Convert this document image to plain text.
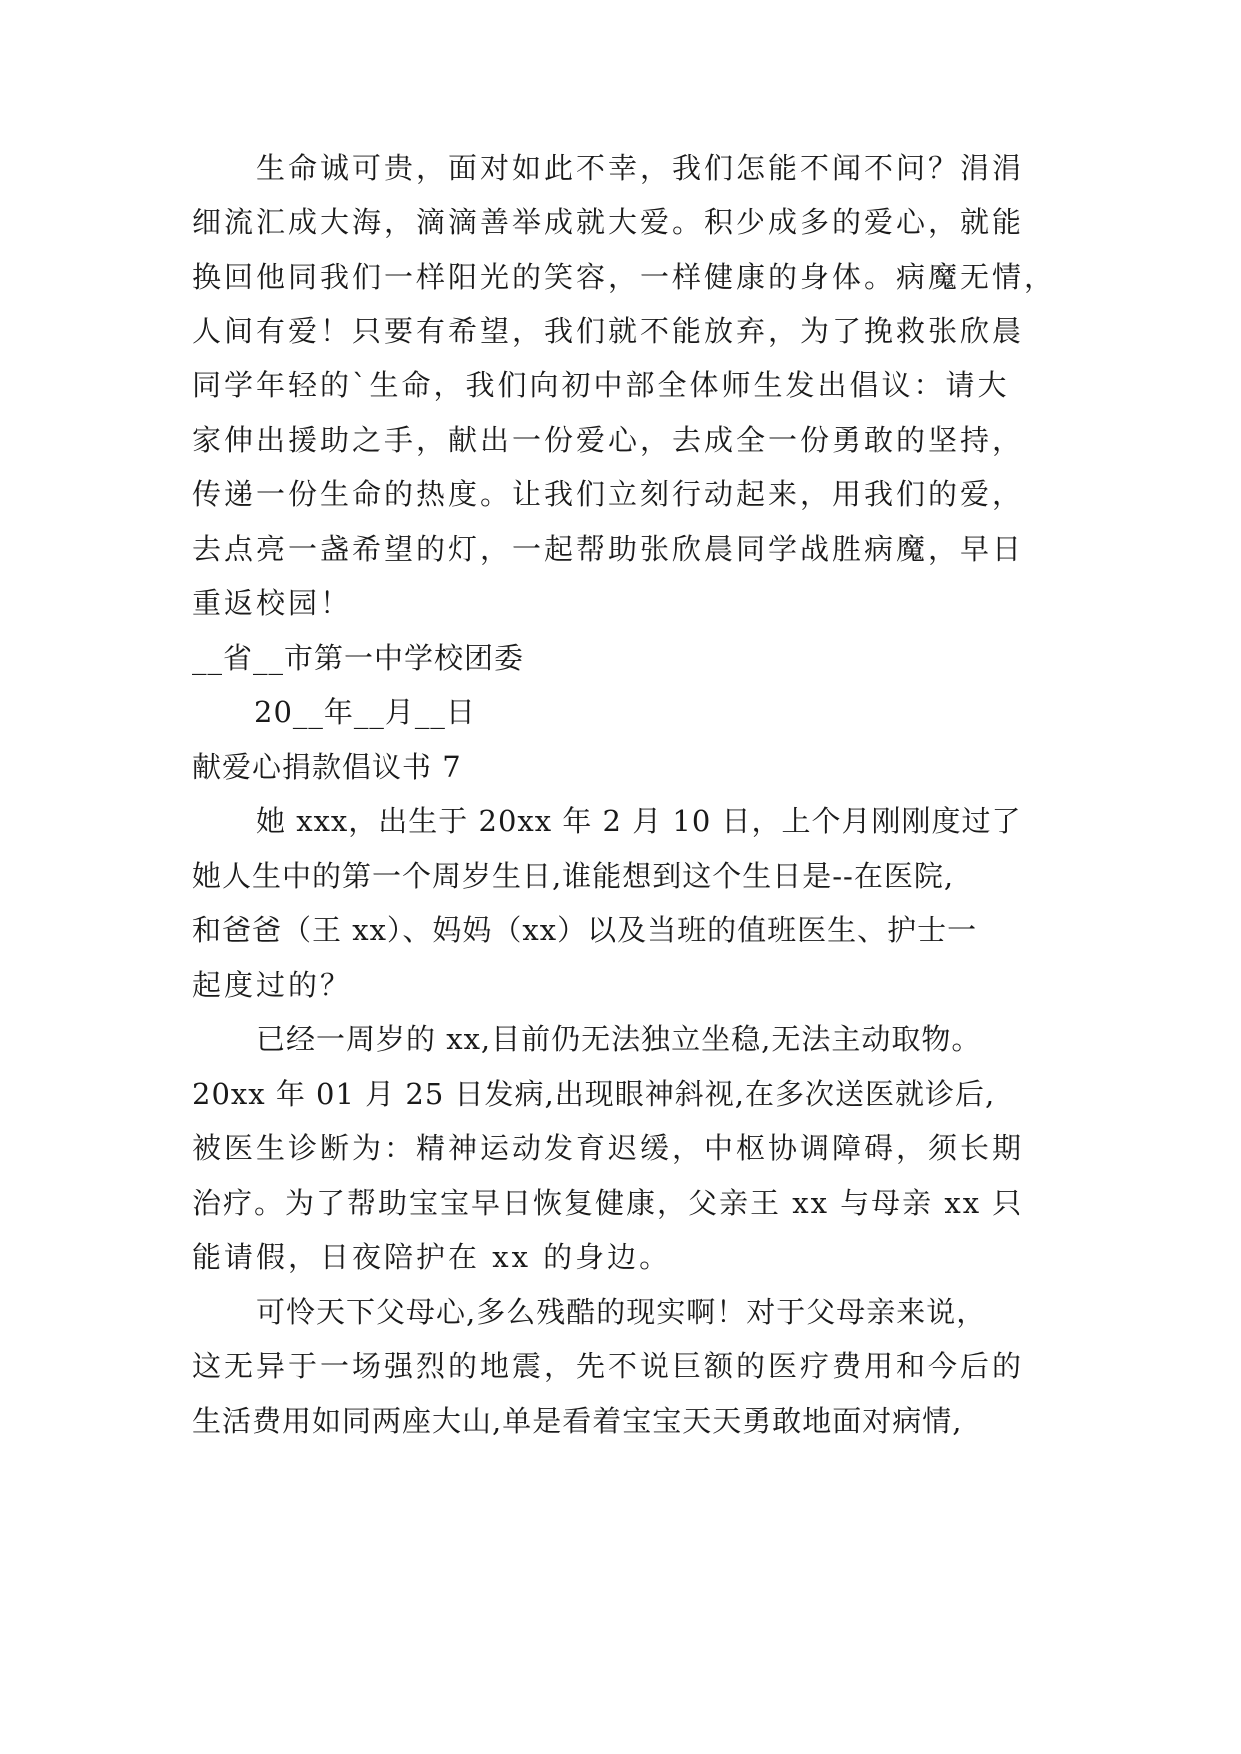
生命诚可贵，面对如此不幸，我们怎能不闻不问？涓涓
细流汇成大海，滴滴善举成就大爱。积少成多的爱心，就能
换回他同我们一样阳光的笑容，一样健康的身体。病魔无情，
人间有爱！只要有希望，我们就不能放弃，为了挽救张欣晨
同学年轻的`生命，我们向初中部全体师生发出倡议：请大
家伸出援助之手，献出一份爱心，去成全一份勇敢的坚持，
传递一份生命的热度。让我们立刻行动起来，用我们的爱，
去点亮一盏希望的灯，一起帮助张欣晨同学战胜病魔，早日
重返校园！
__省__市第一中学校团委
20__年__月__日
献爱心捐款倡议书 7
她 xxx，出生于 20xx 年 2 月 10 日，上个月刚刚度过了
她人生中的第一个周岁生日,谁能想到这个生日是--在医院,
和爸爸（王 xx）、妈妈（xx）以及当班的值班医生、护士一
起度过的？
已经一周岁的 xx,目前仍无法独立坐稳,无法主动取物。
20xx 年 01 月 25 日发病,出现眼神斜视,在多次送医就诊后,
被医生诊断为：精神运动发育迟缓，中枢协调障碍，须长期
治疗。为了帮助宝宝早日恢复健康，父亲王 xx 与母亲 xx 只
能请假，日夜陪护在 xx 的身边。
可怜天下父母心,多么残酷的现实啊！对于父母亲来说，
这无异于一场强烈的地震，先不说巨额的医疗费用和今后的
生活费用如同两座大山,单是看着宝宝天天勇敢地面对病情,
